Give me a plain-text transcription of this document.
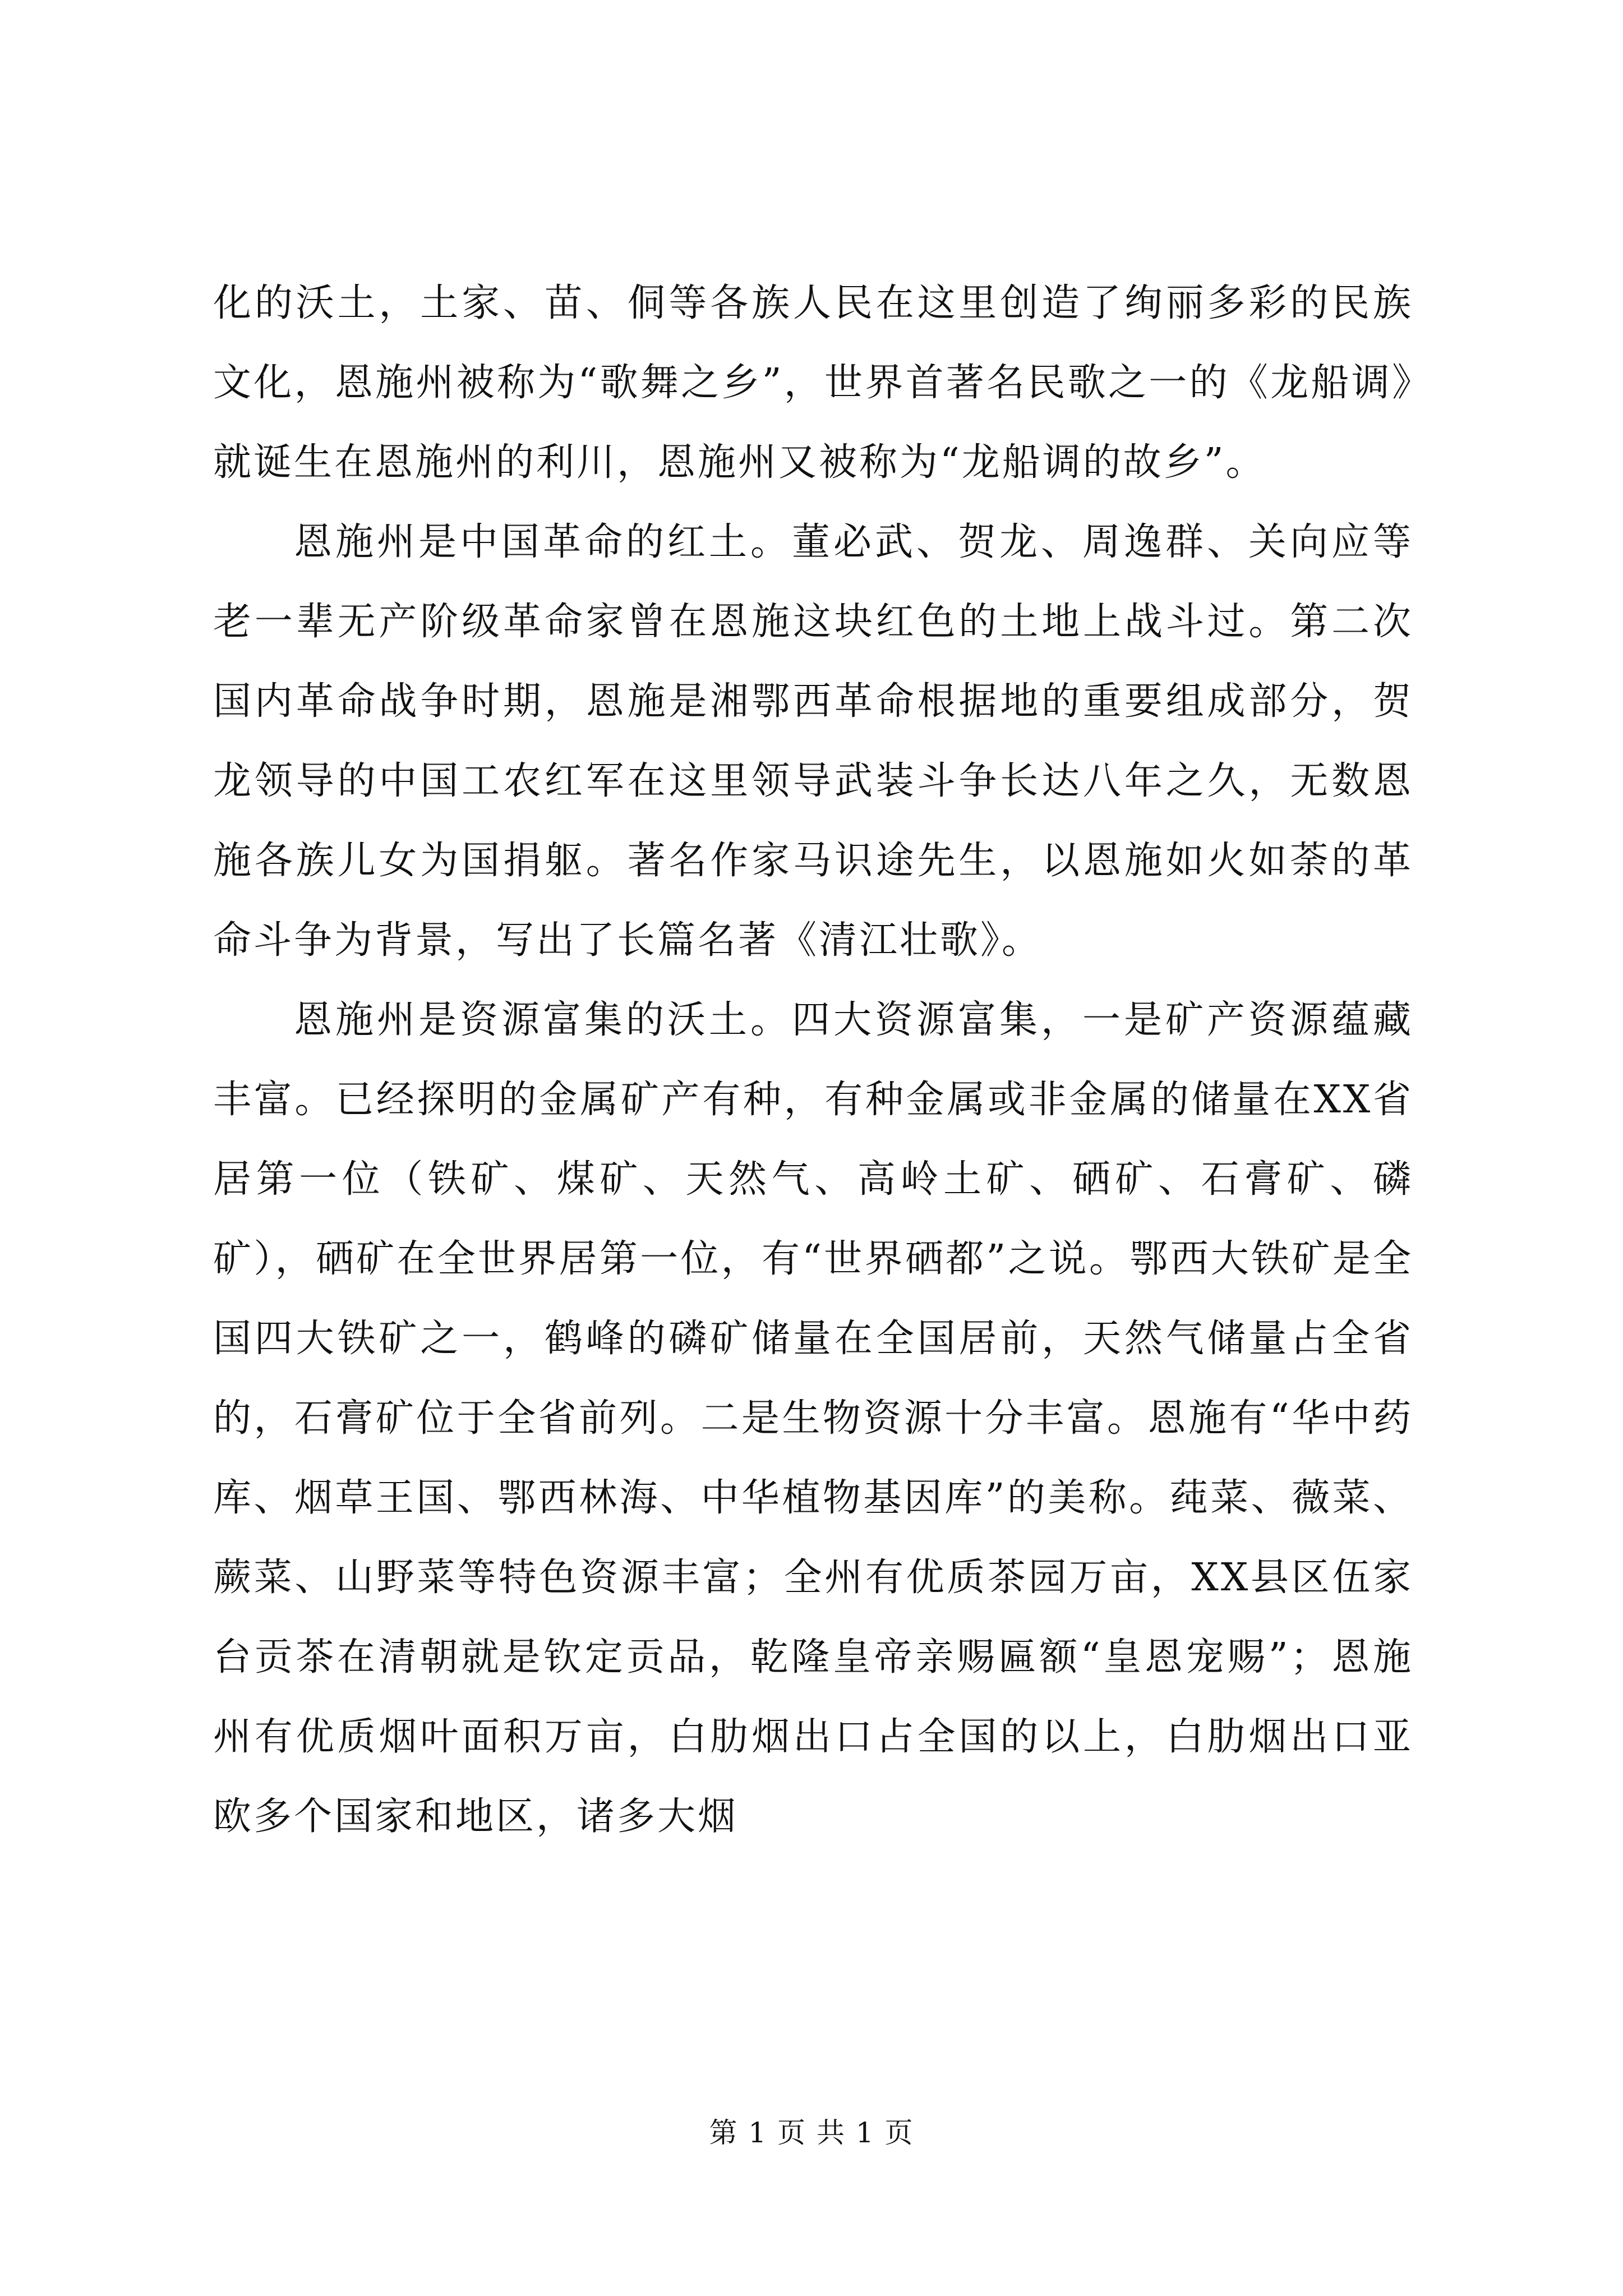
化的沃土，土家、苗、侗等各族人民在这里创造了绚丽多彩的民族文化，恩施州被称为“歌舞之乡”，世界首著名民歌之一的《龙船调》就诞生在恩施州的利川，恩施州又被称为“龙船调的故乡”。

恩施州是中国革命的红土。董必武、贺龙、周逸群、关向应等老一辈无产阶级革命家曾在恩施这块红色的土地上战斗过。第二次国内革命战争时期，恩施是湘鄂西革命根据地的重要组成部分，贺龙领导的中国工农红军在这里领导武装斗争长达八年之久，无数恩施各族儿女为国捐躯。著名作家马识途先生，以恩施如火如荼的革命斗争为背景，写出了长篇名著《清江壮歌》。

恩施州是资源富集的沃土。四大资源富集，一是矿产资源蕴藏丰富。已经探明的金属矿产有种，有种金属或非金属的储量在XX省居第一位（铁矿、煤矿、天然气、高岭土矿、硒矿、石膏矿、磷矿），硒矿在全世界居第一位，有“世界硒都”之说。鄂西大铁矿是全国四大铁矿之一，鹤峰的磷矿储量在全国居前，天然气储量占全省的，石膏矿位于全省前列。二是生物资源十分丰富。恩施有“华中药库、烟草王国、鄂西林海、中华植物基因库”的美称。莼菜、薇菜、蕨菜、山野菜等特色资源丰富；全州有优质茶园万亩，XX县区伍家台贡茶在清朝就是钦定贡品，乾隆皇帝亲赐匾额“皇恩宠赐”；恩施州有优质烟叶面积万亩，白肋烟出口占全国的以上，白肋烟出口亚欧多个国家和地区，诸多大烟

第 1 页 共 1 页
